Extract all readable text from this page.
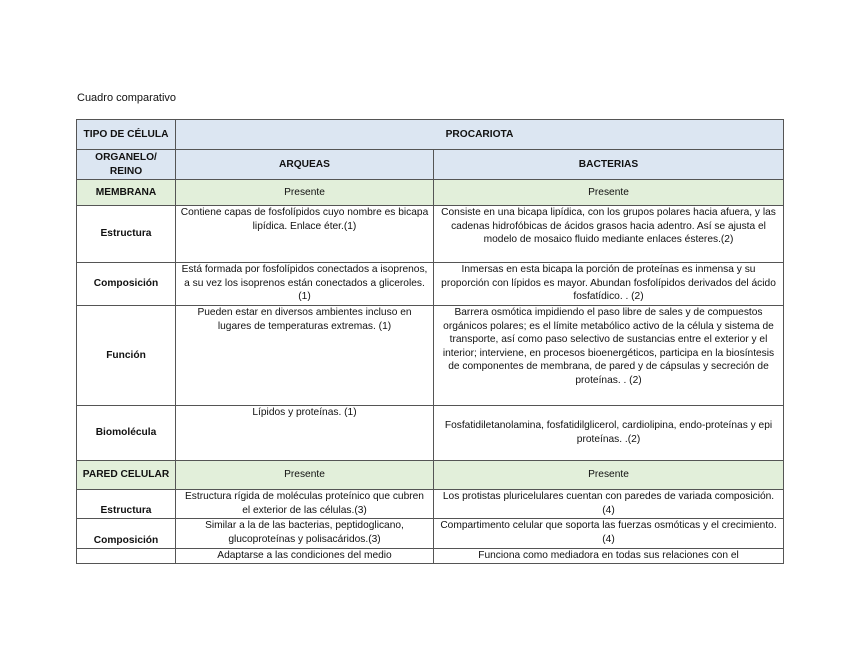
Cuadro comparativo
TIPO DE CÉLULA	PROCARIOTA	
ORGANELO/ REINO	ARQUEAS	BACTERIAS
MEMBRANA	Presente	Presente
Estructura	Contiene capas de fosfolípidos cuyo nombre es bicapa lipídica. Enlace éter.(1)	Consiste en una bicapa lipídica, con los grupos polares hacia afuera, y las cadenas hidrofóbicas de ácidos grasos hacia adentro. Así se ajusta el modelo de mosaico fluido mediante enlaces ésteres.(2)
Composición	Está formada por fosfolípidos conectados a isoprenos, a su vez los isoprenos están conectados a gliceroles. (1)	Inmersas en esta bicapa la porción de proteínas es inmensa y su proporción con lípidos es mayor. Abundan fosfolípidos derivados del ácido fosfatídico. . (2)
Función	Pueden estar en diversos ambientes incluso en lugares de temperaturas extremas. (1)	Barrera osmótica impidiendo el paso libre de sales y de compuestos orgánicos polares; es el límite metabólico activo de la célula y sistema de transporte, así como paso selectivo de sustancias entre el exterior y el interior; interviene, en procesos bioenergéticos, participa en la biosíntesis de componentes de membrana, de pared y de cápsulas y secreción de proteínas. . (2)
Biomolécula	Lípidos y proteínas. (1)	Fosfatidiletanolamina, fosfatidilglicerol, cardiolipina, endo-proteínas y epi proteínas. .(2)
PARED CELULAR	Presente	Presente
Estructura	Estructura rígida de moléculas proteínico que cubren el exterior de las células.(3)	Los protistas pluricelulares cuentan con paredes de variada composición.(4)
Composición	Similar a la de las bacterias, peptidoglicano, glucoproteínas y polisacáridos.(3)	Compartimento celular que soporta las fuerzas osmóticas y el crecimiento.(4)
	Adaptarse a las condiciones del medio	Funciona como mediadora en todas sus relaciones con el
